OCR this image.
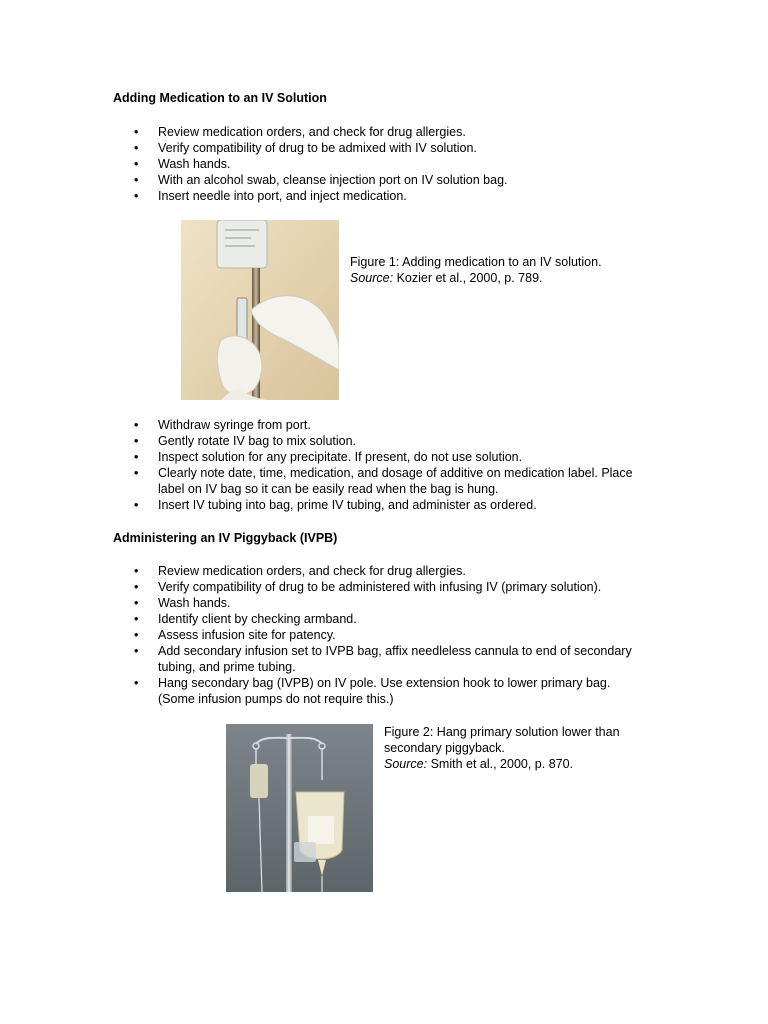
Adding Medication to an IV Solution
• Review medication orders, and check for drug allergies.
• Verify compatibility of drug to be admixed with IV solution.
• Wash hands.
• With an alcohol swab, cleanse injection port on IV solution bag.
• Insert needle into port, and inject medication.

Figure 1: Adding medication to an IV solution.
Source: Kozier et al., 2000, p. 789.

• Withdraw syringe from port.
• Gently rotate IV bag to mix solution.
• Inspect solution for any precipitate. If present, do not use solution.
• Clearly note date, time, medication, and dosage of additive on medication label. Place label on IV bag so it can be easily read when the bag is hung.
• Insert IV tubing into bag, prime IV tubing, and administer as ordered.
Administering an IV Piggyback (IVPB)
• Review medication orders, and check for drug allergies.
• Verify compatibility of drug to be administered with infusing IV (primary solution).
• Wash hands.
• Identify client by checking armband.
• Assess infusion site for patency.
• Add secondary infusion set to IVPB bag, affix needleless cannula to end of secondary tubing, and prime tubing.
• Hang secondary bag (IVPB) on IV pole. Use extension hook to lower primary bag. (Some infusion pumps do not require this.)

Figure 2: Hang primary solution lower than secondary piggyback.
Source: Smith et al., 2000, p. 870.
